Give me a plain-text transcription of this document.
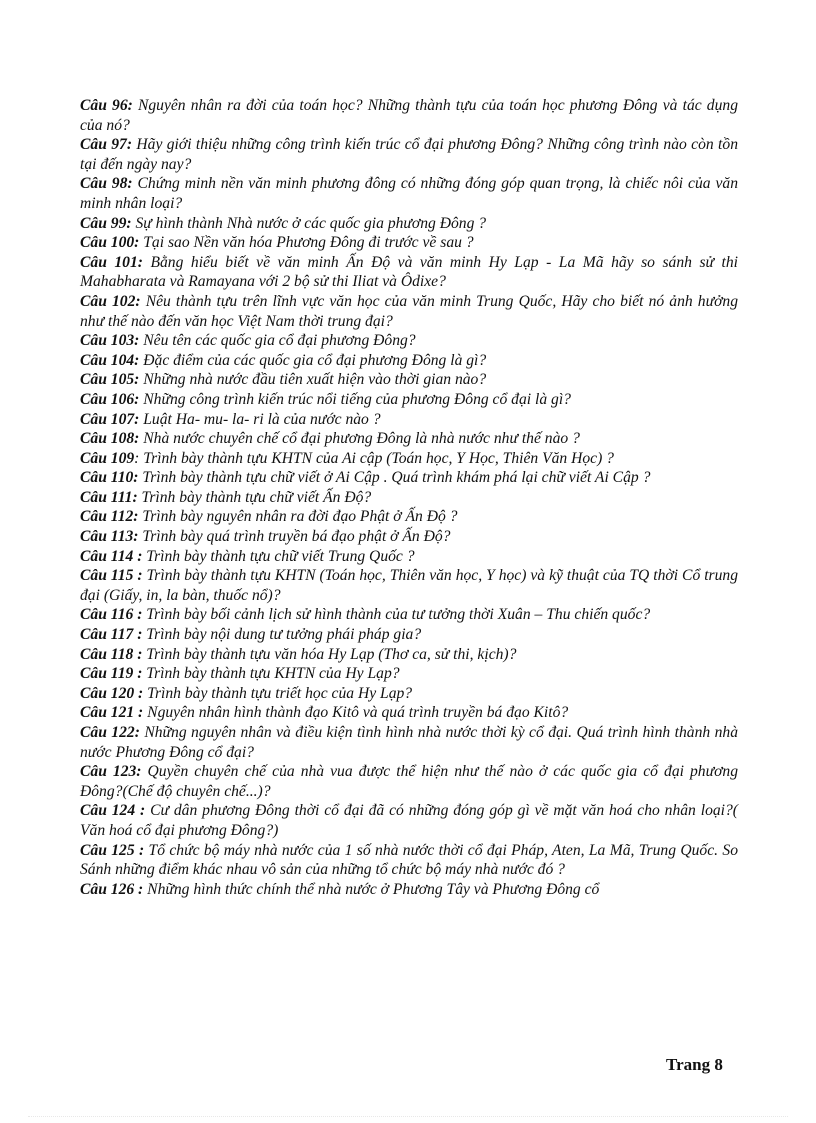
Câu 96: Nguyên nhân ra đời của toán học? Những thành tựu của toán học phương Đông và tác dụng của nó?

Câu 97: Hãy giới thiệu những công trình kiến trúc cổ đại phương Đông? Những công trình nào còn tồn tại đến ngày nay?

Câu 98: Chứng minh nền văn minh phương đông có những đóng góp quan trọng, là chiếc nôi của văn minh nhân loại?

Câu 99: Sự hình thành Nhà nước ở các quốc gia phương Đông ?

Câu 100: Tại sao Nền văn hóa Phương Đông đi trước về sau ?

Câu 101: Bằng hiểu biết về văn minh Ấn Độ và văn minh Hy Lạp - La Mã hãy so sánh sử thi Mahabharata và Ramayana với 2 bộ sử thi Iliat và Ôdixe?

Câu 102: Nêu thành tựu trên lĩnh vực văn học của văn minh Trung Quốc, Hãy cho biết nó ảnh hưởng như thế nào đến văn học Việt Nam thời trung đại?

Câu 103: Nêu tên các quốc gia cổ đại phương Đông?

Câu 104: Đặc điểm của các quốc gia cổ đại phương Đông là gì?

Câu 105: Những nhà nước đầu tiên xuất hiện vào thời gian nào?

Câu 106: Những công trình kiến trúc nổi tiếng của phương Đông cổ đại là gì?

Câu 107: Luật Ha- mu- la- ri là của nước nào ?

Câu 108: Nhà nước chuyên chế cổ đại phương Đông là nhà nước như thế nào ?

Câu 109: Trình bày thành tựu KHTN của Ai cập (Toán học, Y Học, Thiên Văn Học) ?

Câu 110: Trình bày thành tựu chữ viết ở Ai Cập . Quá trình khám phá lại chữ viết Ai Cập ?

Câu 111: Trình bày thành tựu chữ viết Ấn Độ?

Câu 112: Trình bày nguyên nhân ra đời đạo Phật ở Ấn Độ ?

Câu 113: Trình bày quá trình truyền bá đạo phật ở Ấn Độ?

Câu 114 : Trình bày thành tựu chữ viết Trung Quốc ?

Câu 115 : Trình bày thành tựu KHTN (Toán học, Thiên văn học, Y học) và kỹ thuật của TQ thời Cổ trung đại (Giấy, in, la bàn, thuốc nổ)?

Câu 116 : Trình bày bối cảnh lịch sử hình thành của tư tưởng thời Xuân – Thu chiến quốc?

Câu 117 : Trình bày nội dung tư tưởng phái pháp gia?

Câu 118 : Trình bày thành tựu văn hóa Hy Lạp (Thơ ca, sử thi, kịch)?

Câu 119 : Trình bày thành tựu KHTN của Hy Lạp?

Câu 120 : Trình bày thành tựu triết học của Hy Lạp?

Câu 121 : Nguyên nhân hình thành đạo Kitô và quá trình truyền bá đạo Kitô?

Câu 122: Những nguyên nhân và điều kiện tình hình nhà nước thời kỳ cổ đại. Quá trình hình thành nhà nước Phương Đông cổ đại?

Câu 123: Quyền chuyên chế của nhà vua được thể hiện như thế nào ở các quốc gia cổ đại phương Đông?(Chế độ chuyên chế...)?

Câu 124 : Cư dân phương Đông thời cổ đại đã có những đóng góp gì về mặt văn hoá cho nhân loại?( Văn hoá cổ đại phương Đông?)

Câu 125 : Tổ chức bộ máy nhà nước của 1 số nhà nước thời cổ đại Pháp, Aten, La Mã, Trung Quốc. So Sánh những điểm khác nhau vô sản của những tổ chức bộ máy nhà nước đó ?

Câu 126 : Những hình thức chính thể nhà nước ở Phương Tây và Phương Đông cổ

Trang 8
